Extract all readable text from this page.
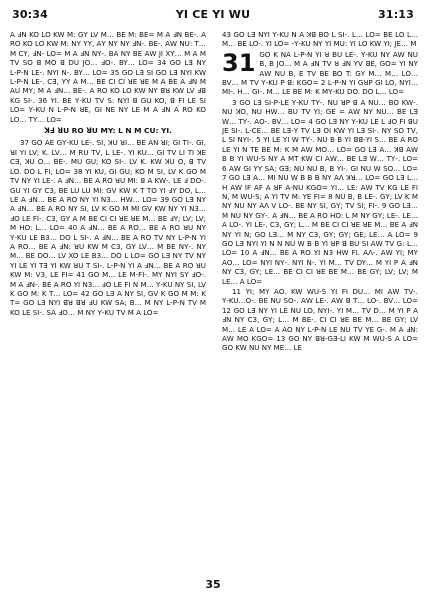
30:34	YI CE YI WU	31:13

A ꓞN KO LO KW M: ꓖY LV M… BE M: BE= M A ꓞN BE‑. A RO KO LO KW M: ꓠY ꓬY, ꓮY NY ꓠY ꓞN‑. BE‑. ꓮW NU: T… M CY, ꓞN‑ LO= M A ꓞN NY‑. BA NY BE ꓮW JI XY… M A M TV SO ꓭ MO ꓭ DU JO… ꓞO‑. BY… LO= 34 GO LƎ NY L‑P‑N LE‑. NYI N‑. BY… LO= 35 GO LƎ SI GO LƎ NYI KW L‑P‑N LE‑. CƎ, ꓬY A M… BE CI CI ꓤE ꓤE M A BE A ꓞN M ꓮU MY; M A ꓞN… BE‑. A RO KO LO KW NY ꓭꓤ KW LV ꓞꓭ KG SI‑. 36 YI. BE Y‑KU TV S: NYI ꓭ GU KO, ꓭ FI LE SI LO= Y‑KU N L‑P‑N ꓤE, ꓖI NE NY LE M A ꓞN A RO KO LO… TY… LO=

ꓘꓞ ꓤU RO ꓤU MY: L N M CU: YI.

37 GO ꓮE ꓖY‑KU LE‑. SI, ꓘU ꓤI… BE ꓮN ꓤI; ꓖI TI‑. ꓖI, ꓤI YI LV; K. LV… M RU TV, L LE‑. YI KU… ꓖI TV LI TI ꓘE CƎ, ꓘU O… BE‑. MU GU; KO SI‑. LV K. KW ꓘU O, ꓭ TV LO. DO L FI, LO= 38 YI KU, ꓖI GU; KO M SI, LV K GO M TV NY YI LE‑. A ꓞN… BE A RO ꓤU MI: ꓭ ꓮ KW‑. LE ꓞ DO‑. GU YI ꓖY C3, BE LU LU MI: ꓖV KW K T TO YI ꓞY DO, L… LE A ꓞN… BE A RO NY YI N3… HW… LO= 39 GO LƎ NY A ꓞN… BE A RO NY SI, LV K GO M MI ꓖV KW NY YI N3… ꓞO LE FI‑. C3, ꓖY A M BE CI CI ꓤE ꓤE M… BE ꓞY; LV; LV; M HO: L… LO= 40 A ꓞN… BE A RO… BE A RO ꓤU NY Y‑KU LE B3… DO L SI‑. A ꓞN… BE A RO TV NY L‑P‑N YI A RO… BE A ꓞN: ꓤU KW M C3, ꓖY LV… M BE NY‑. NY M… BE DO… LV XO LE B3… DO L LO= GO LƎ NY TV NY YI LE YI TƎ YI KW ꓤU T SI‑. L‑P‑N YI A ꓞN… BE A RO ꓤU KW M: V3, LE FI= 41 GO M… LE M‑FI‑. MY NYI SY ꓞO‑. M A ꓞN‑. BE A RO YI N3… ꓞO LE FI N M… Y‑KU NY SI, LV K GO M: K T… LO= 42 GO LƎ ꓮ NY SI, ꓖV K GO M M: K T= GO LƎ NYI ꓭꓤ ꓭꓤ ꓞU KW SA; B… M NY L‑P‑N TV M KO LE SI‑. SA ꓞO… M NY Y‑KU TV M A LO=

43 GO LƎ NYI Y‑KU N A ꓘꓭ BO L SI‑. L… LO= BE LO L… M… BE LO‑. YI LO= ‑Y‑KU NY YI MU: YI LO KW YI; JE… M

31 GO K NA L‑P‑N YI ꓤ BU LE‑. Y‑KU NY ꓮW NU B, B JO… M A ꓞN TV ꓤ ꓞN YV ꓭE, ꓖO= YI NY ꓮW NU B, E TV BE BO T: ꓖY M… M… LO… BV… M TV Y‑KU P ꓭ: KGO= 2 L‑P‑N YI ꓖꓤP ꓖI LO, NYI… MI‑. H… ꓖI‑. M… LE BE M: K MY‑KU DO. DO L… LO=

3 GO LƎ SI‑P‑LE Y‑KU TY‑. NU ꓤP ꓭ ꓮ NU… BO KW‑. NU ꓘO, NU HW… BU TV YI; ꓖE = ꓮW NY NU… BE LƎ W… TY‑. ꓮO‑. BV… LO= 4 GO LƎ NY Y‑KU LE L ꓞO FI ꓭU JE SI‑. L‑CE… BE LƎ‑Y TV LƎ OI KW YI LƎ SI‑. NY SO TV, L SI NYI‑. 5 YI LE YI W TY‑. NU B B YI ꓭꓭ‑YI S… BE A RO LE YI N TE BE M: K M ꓮW MO… LO= GO LƎ A… ꓘꓭ ꓮW B B YI WU‑S NY A MT KW CI ꓮW… BE LƎ W… TY‑. LO= 6 ꓮW ꓖI ꓬY SA; ꓖƎ; NU NU B, B YI‑. ꓖI NU W SO… LO= 7 GO LƎ A… MI NU W B B B NY ꓮꓥ ꓘꓤ… LO= GO LƎ L… H ꓮW IF ꓮF ꓮ ꓤF ꓮ‑NU KGO= YI… LE: ꓮW TV KG LE FI N, M WU‑S; ꓮ YI TV M: YE FI= 8 NU B, B LE‑. ꓖY; LV K M NY NU NY ꓮꓥ V LO‑. BE NY SI, ꓖY; TV SI; FI‑. 9 GO LƎ… M NU NY ꓖY‑. A ꓞN… BE A RO HO: L M NY ꓖY; LE‑. LE… A LO‑. YI LE‑. C3, ꓖY; L… M BE CI CI ꓤE ꓤE M… BE A ꓞN NY YI N; GO LƎ… M NY C3, ꓖY; ꓖY; ꓖE; LE… A LO= 9 GO LƎ NYI YI N N NU W B B YI ꓤP ꓭ BU SI ꓮW TV G: L… LO= 10 A ꓞN… BE A RO YI N3 HW FI. ꓮꓥ‑. ꓮW YI; MY ꓮO… LO= NYI NY‑. NYI N‑. YI M… TV DY… M YI P A ꓞN NY C3, ꓖY; LE… BE CI CI ꓤE BE M… BE ꓖY; LV; LV; M LE… A LO=

11 YI; MY ꓮO. KW WU‑S YI FI DU… MI ꓮW TV‑. Y‑KU…O‑. BE NU SO‑. ꓮW LE‑. ꓮW ꓭ T… LO‑. BV… LO= 12 GO LƎ NY YI LE NU LO, NYI‑. YI M… TV D… M YI P A ꓞN NY C3, ꓖY; L… M BE‑. CI CI ꓤE BE M… BE ꓖY; LV M… LE A LO= A ꓮO NY L‑P‑N LE NU TV YE G‑. M A ꓞN: ꓮW MO KGO= 13 GO NY ꓭꓤ‑ꓖƎ‑LI KW M WU‑S A LO= GO KW NU NY ME… LE

35
